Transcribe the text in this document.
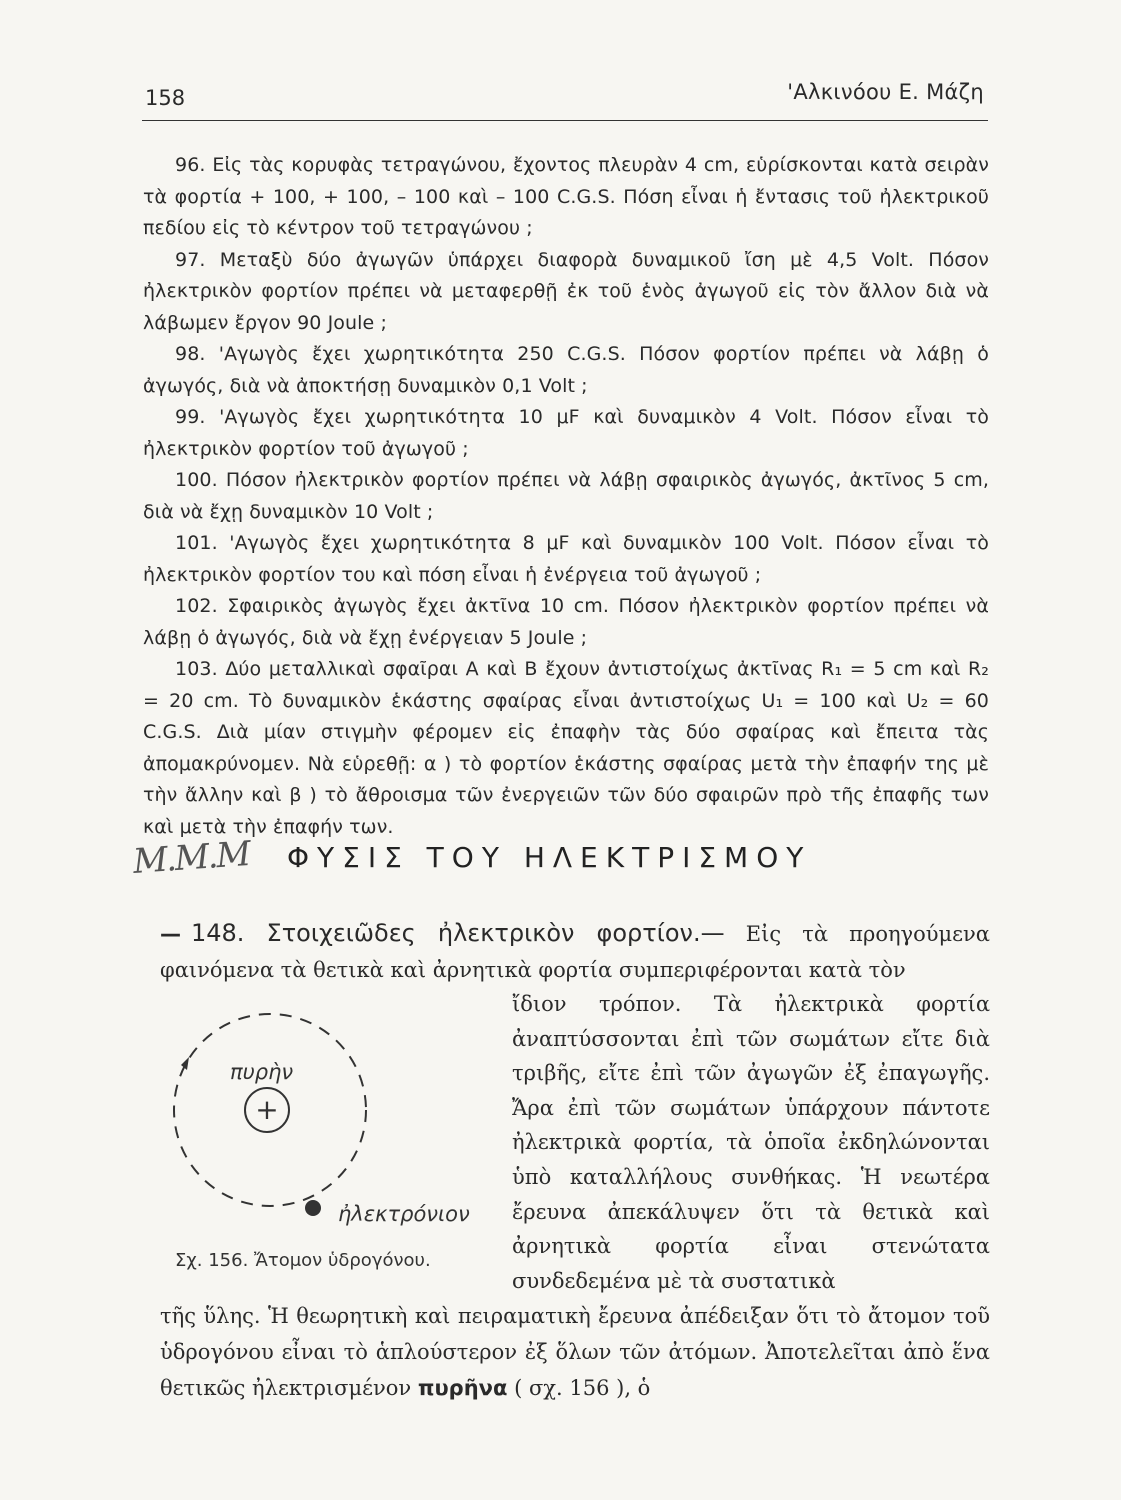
158	'Αλκινόου Ε. Μάζη

96. Εἰς τὰς κορυφὰς τετραγώνου, ἔχοντος πλευρὰν 4 cm, εὑρίσκονται κατὰ σειρὰν τὰ φορτία + 100, + 100, – 100 καὶ – 100 C.G.S. Πόση εἶναι ἡ ἔντασις τοῦ ἠλεκτρικοῦ πεδίου εἰς τὸ κέντρον τοῦ τετραγώνου ;

97. Μεταξὺ δύο ἀγωγῶν ὑπάρχει διαφορὰ δυναμικοῦ ἴση μὲ 4,5 Volt. Πόσον ἠλεκτρικὸν φορτίον πρέπει νὰ μεταφερθῇ ἐκ τοῦ ἑνὸς ἀγωγοῦ εἰς τὸν ἄλλον διὰ νὰ λάβωμεν ἔργον 90 Joule ;

98. 'Αγωγὸς ἔχει χωρητικότητα 250 C.G.S. Πόσον φορτίον πρέπει νὰ λάβῃ ὁ ἀγωγός, διὰ νὰ ἀποκτήσῃ δυναμικὸν 0,1 Volt ;

99. 'Αγωγὸς ἔχει χωρητικότητα 10 μF καὶ δυναμικὸν 4 Volt. Πόσον εἶναι τὸ ἠλεκτρικὸν φορτίον τοῦ ἀγωγοῦ ;

100. Πόσον ἠλεκτρικὸν φορτίον πρέπει νὰ λάβῃ σφαιρικὸς ἀγωγός, ἀκτῖνος 5 cm, διὰ νὰ ἔχῃ δυναμικὸν 10 Volt ;

101. 'Αγωγὸς ἔχει χωρητικότητα 8 μF καὶ δυναμικὸν 100 Volt. Πόσον εἶναι τὸ ἠλεκτρικὸν φορτίον του καὶ πόση εἶναι ἡ ἐνέργεια τοῦ ἀγωγοῦ ;

102. Σφαιρικὸς ἀγωγὸς ἔχει ἀκτῖνα 10 cm. Πόσον ἠλεκτρικὸν φορτίον πρέπει νὰ λάβῃ ὁ ἀγωγός, διὰ νὰ ἔχῃ ἐνέργειαν 5 Joule ;

103. Δύο μεταλλικαὶ σφαῖραι Α καὶ Β ἔχουν ἀντιστοίχως ἀκτῖνας R₁ = 5 cm καὶ R₂ = 20 cm. Τὸ δυναμικὸν ἑκάστης σφαίρας εἶναι ἀντιστοίχως U₁ = 100 καὶ U₂ = 60 C.G.S. Διὰ μίαν στιγμὴν φέρομεν εἰς ἐπαφὴν τὰς δύο σφαίρας καὶ ἔπειτα τὰς ἀπομακρύνομεν. Νὰ εὑρεθῇ: α ) τὸ φορτίον ἑκάστης σφαίρας μετὰ τὴν ἐπαφήν της μὲ τὴν ἄλλην καὶ β ) τὸ ἄθροισμα τῶν ἐνεργειῶν τῶν δύο σφαιρῶν πρὸ τῆς ἐπαφῆς των καὶ μετὰ τὴν ἐπαφήν των.

Μ.Μ.Μ ΦΥΣΙΣ ΤΟΥ ΗΛΕΚΤΡΙΣΜΟΥ

— 148. Στοιχειῶδες ἠλεκτρικὸν φορτίον.— Εἰς τὰ προηγούμενα φαινόμενα τὰ θετικὰ καὶ ἀρνητικὰ φορτία συμπεριφέρονται κατὰ τὸν

ἴδιον τρόπον. Τὰ ἠλεκτρικὰ φορτία ἀναπτύσσονται ἐπὶ τῶν σωμάτων εἴτε διὰ τριβῆς, εἴτε ἐπὶ τῶν ἀγωγῶν ἐξ ἐπαγωγῆς. Ἄρα ἐπὶ τῶν σωμάτων ὑπάρχουν πάντοτε ἠλεκτρικὰ φορτία, τὰ ὁποῖα ἐκδηλώνονται ὑπὸ καταλλήλους συνθήκας. Ἡ νεωτέρα ἔρευνα ἀπεκάλυψεν ὅτι τὰ θετικὰ καὶ ἀρνητικὰ φορτία εἶναι στενώτατα συνδεδεμένα μὲ τὰ συστατικὰ

+
πυρὴν
ἠλεκτρόνιον
Σχ. 156. Ἄτομον ὑδρογόνου.

τῆς ὕλης. Ἡ θεωρητικὴ καὶ πειραματικὴ ἔρευνα ἀπέδειξαν ὅτι τὸ ἄτομον τοῦ ὑδρογόνου εἶναι τὸ ἁπλούστερον ἐξ ὅλων τῶν ἀτόμων. Ἀποτελεῖται ἀπὸ ἕνα θετικῶς ἠλεκτρισμένον πυρῆνα ( σχ. 156 ), ὁ
